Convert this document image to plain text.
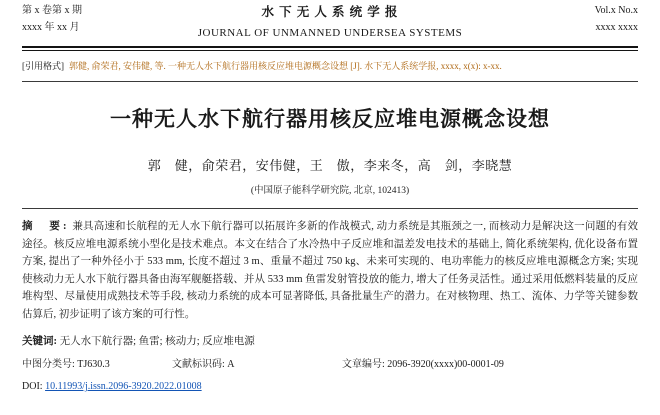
第 x 卷第 x 期
xxxx 年 xx 月
Vol.x No.x
xxxx xxxx
水 下 无 人 系 统 学 报
JOURNAL OF UNMANNED UNDERSEA SYSTEMS
[引用格式] 郭健, 俞荣君, 安伟健, 等. 一种无人水下航行器用核反应堆电源概念设想 [J]. 水下无人系统学报, xxxx, x(x): x-xx.
一种无人水下航行器用核反应堆电源概念设想
郭　健，俞荣君，安伟健，王　傲，李来冬，高　剑，李晓慧
(中国原子能科学研究院, 北京, 102413)
摘　要: 兼具高速和长航程的无人水下航行器可以拓展许多新的作战模式, 动力系统是其瓶颈之一, 而核动力是解决这一问题的有效途径。核反应堆电源系统小型化是技术难点。本文在结合了水冷热中子反应堆和温差发电技术的基础上, 简化系统架构, 优化设备布置方案, 提出了一种外径小于 533 mm, 长度不超过 3 m、重量不超过 750 kg、未来可实现的、电功率能力的核反应堆电源概念方案; 实现使核动力无人水下航行器具备由海军舰艇搭载、并从 533 mm 鱼雷发射管投放的能力, 增大了任务灵活性。通过采用低燃料装量的反应堆构型、尽量使用成熟技术等手段, 核动力系统的成本可显著降低, 具备批量生产的潜力。在对核物理、热工、流体、力学等关键参数估算后, 初步证明了该方案的可行性。
关键词: 无人水下航行器; 鱼雷; 核动力; 反应堆电源
中图分类号: TJ630.3	文献标识码: A	文章编号: 2096-3920(xxxx)00-0001-09
DOI: 10.11993/j.issn.2096-3920.2022.01008
